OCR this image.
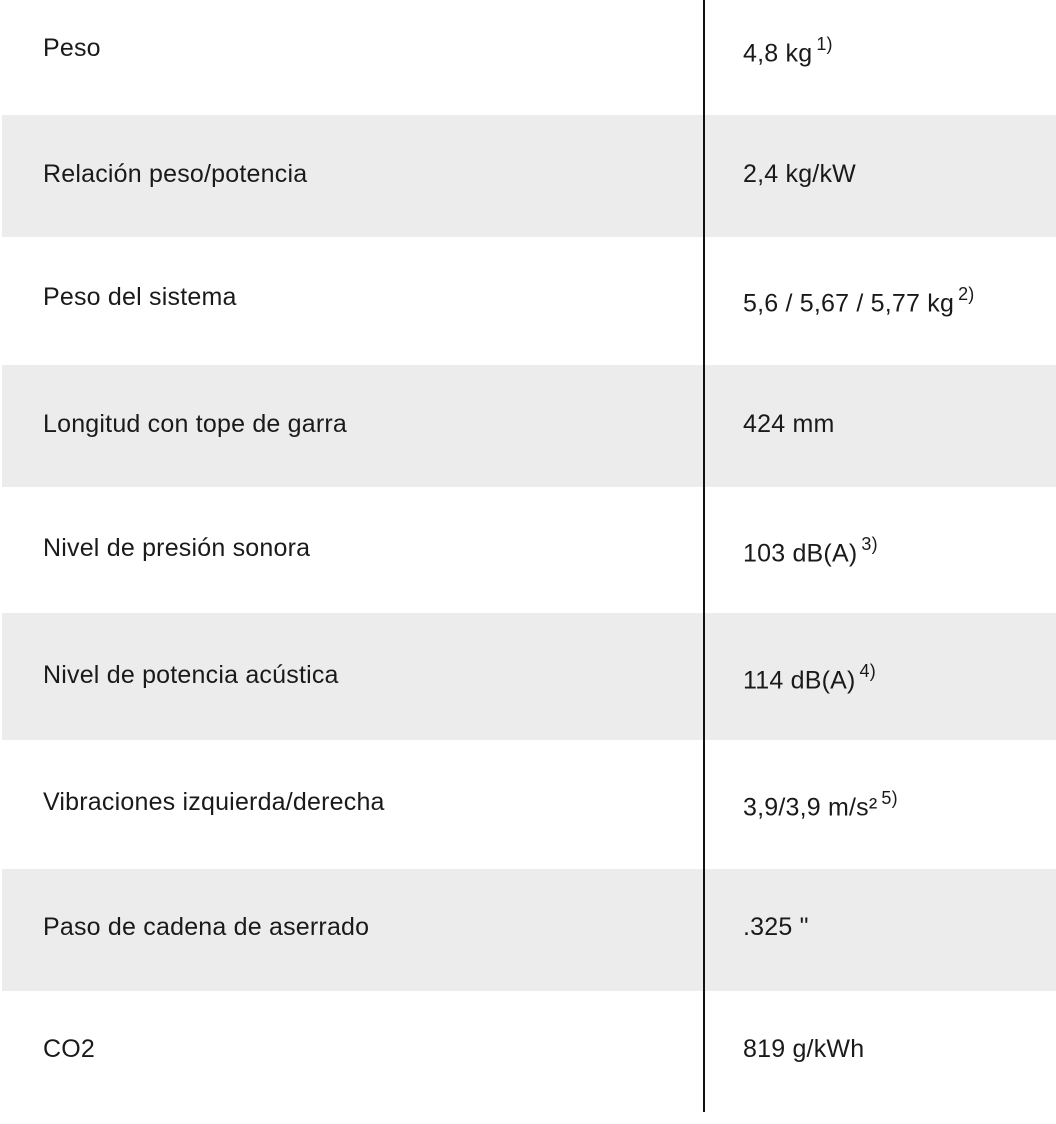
Peso	4,8 kg $^{1)}$
Relación peso/potencia	2,4 kg/kW
Peso del sistema	5,6 / 5,67 / 5,77 kg $^{2)}$
Longitud con tope de garra	424 mm
Nivel de presión sonora	103 dB(A) $^{3)}$
Nivel de potencia acústica	114 dB(A) $^{4)}$
Vibraciones izquierda/derecha	3,9/3,9 m/s² $^{5)}$
Paso de cadena de aserrado	.325 "
CO2	819 g/kWh
